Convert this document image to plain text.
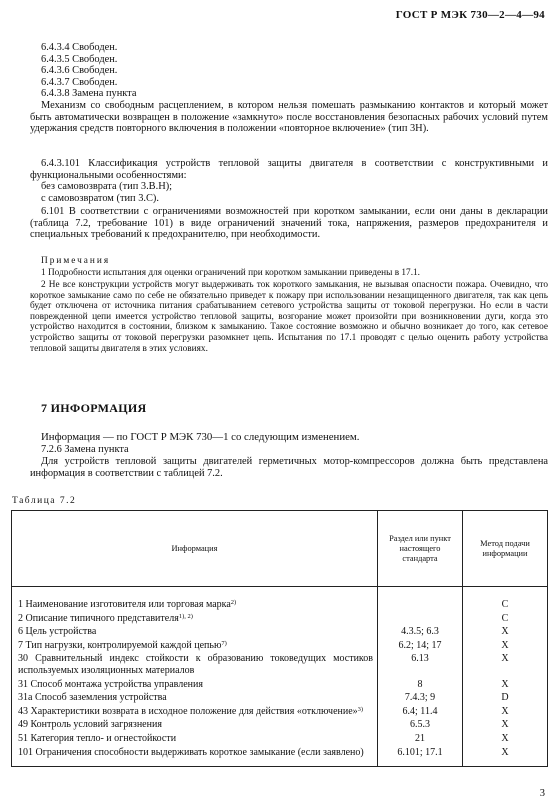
ГОСТ Р МЭК 730—2—4—94

6.4.3.4 Свободен.

6.4.3.5 Свободен.

6.4.3.6 Свободен.

6.4.3.7 Свободен.

6.4.3.8 Замена пункта

Механизм со свободным расцеплением, в котором нельзя помешать размыканию контактов и который может быть автоматически возвращен в положение «замкнуто» после восстановления безопасных рабочих условий путем удержания средств повторного включения в положении «повторное включение» (тип 3Н).

6.4.3.101 Классификация устройств тепловой защиты двигателя в соответствии с конструктивными и функциональными особенностями:

без самовозврата (тип 3.В.Н);

с самовозвратом (тип 3.С).

6.101 В соответствии с ограничениями возможностей при коротком замыкании, если они даны в декларации (таблица 7.2, требование 101) в виде ограничений значений тока, напряжения, размеров предохранителя и специальных требований к предохранителю, при необходимости.

Примечания

1 Подробности испытания для оценки ограничений при коротком замыкании приведены в 17.1.

2 Не все конструкции устройств могут выдерживать ток короткого замыкания, не вызывая опасности пожара. Очевидно, что короткое замыкание само по себе не обязательно приведет к пожару при использовании незащищенного двигателя, так как цепь будет отключена от источника питания срабатыванием сетевого устройства защиты от токовой перегрузки. Но если в части поврежденной цепи имеется устройство тепловой защиты, возгорание может произойти при возникновении дуги, когда это устройство находится в состоянии, близком к замыканию. Такое состояние возможно и обычно возникает до того, как сетевое устройство защиты от токовой перегрузки разомкнет цепь. Испытания по 17.1 проводят с целью оценить работу устройства тепловой защиты двигателя в этих условиях.

7 ИНФОРМАЦИЯ

Информация — по ГОСТ Р МЭК 730—1 со следующим изменением.

7.2.6 Замена пункта

Для устройств тепловой защиты двигателей герметичных мотор-компрессоров должна быть представлена информация в соответствии с таблицей 7.2.

Таблица 7.2

Информация	Раздел или пункт настоящего стандарта	Метод подачи информации
1 Наименование изготовителя или торговая марка$^{2)}$		C
2 Описание типичного представителя$^{1), 2)}$		C
6 Цель устройства	4.3.5; 6.3	X
7 Тип нагрузки, контролируемой каждой цепью$^{7)}$	6.2; 14; 17	X
30 Сравнительный индекс стойкости к образованию токоведущих мостиков используемых изоляционных материалов	6.13	X
31 Способ монтажа устройства управления	8	X
31a Способ заземления устройства	7.4.3; 9	D
43 Характеристики возврата в исходное положение для действия «отключение»$^{3)}$	6.4; 11.4	X
49 Контроль условий загрязнения	6.5.3	X
51 Категория тепло- и огнестойкости	21	X
101 Ограничения способности выдерживать короткое замыкание (если заявлено)	6.101; 17.1	X
3
